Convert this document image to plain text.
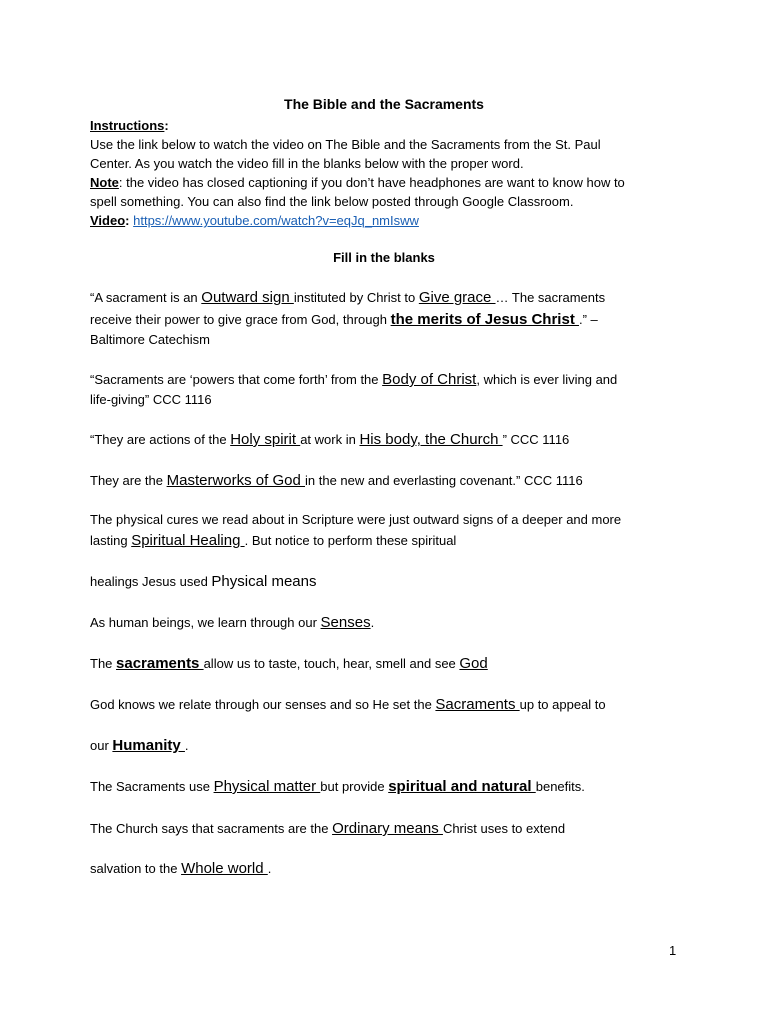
The Bible and the Sacraments
Instructions:
Use the link below to watch the video on The Bible and the Sacraments from the St. Paul
Center. As you watch the video fill in the blanks below with the proper word.
Note: the video has closed captioning if you don’t have headphones are want to know how to
spell something. You can also find the link below posted through Google Classroom.
Video: https://www.youtube.com/watch?v=eqJq_nmIsww
Fill in the blanks
“A sacrament is an Outward sign instituted by Christ to Give grace … The sacraments
receive their power to give grace from God, through the merits of Jesus Christ .” –
Baltimore Catechism
“Sacraments are ‘powers that come forth’ from the Body of Christ, which is ever living and
life-giving” CCC 1116
“They are actions of the Holy spirit at work in His body, the Church ” CCC 1116
They are the Masterworks of God in the new and everlasting covenant.” CCC 1116
The physical cures we read about in Scripture were just outward signs of a deeper and more
lasting Spiritual Healing . But notice to perform these spiritual
healings Jesus used Physical means
As human beings, we learn through our Senses.
The sacraments allow us to taste, touch, hear, smell and see God
God knows we relate through our senses and so He set the Sacraments up to appeal to
our Humanity .
The Sacraments use Physical matter but provide spiritual and natural benefits.
The Church says that sacraments are the Ordinary means Christ uses to extend
salvation to the Whole world .
1
